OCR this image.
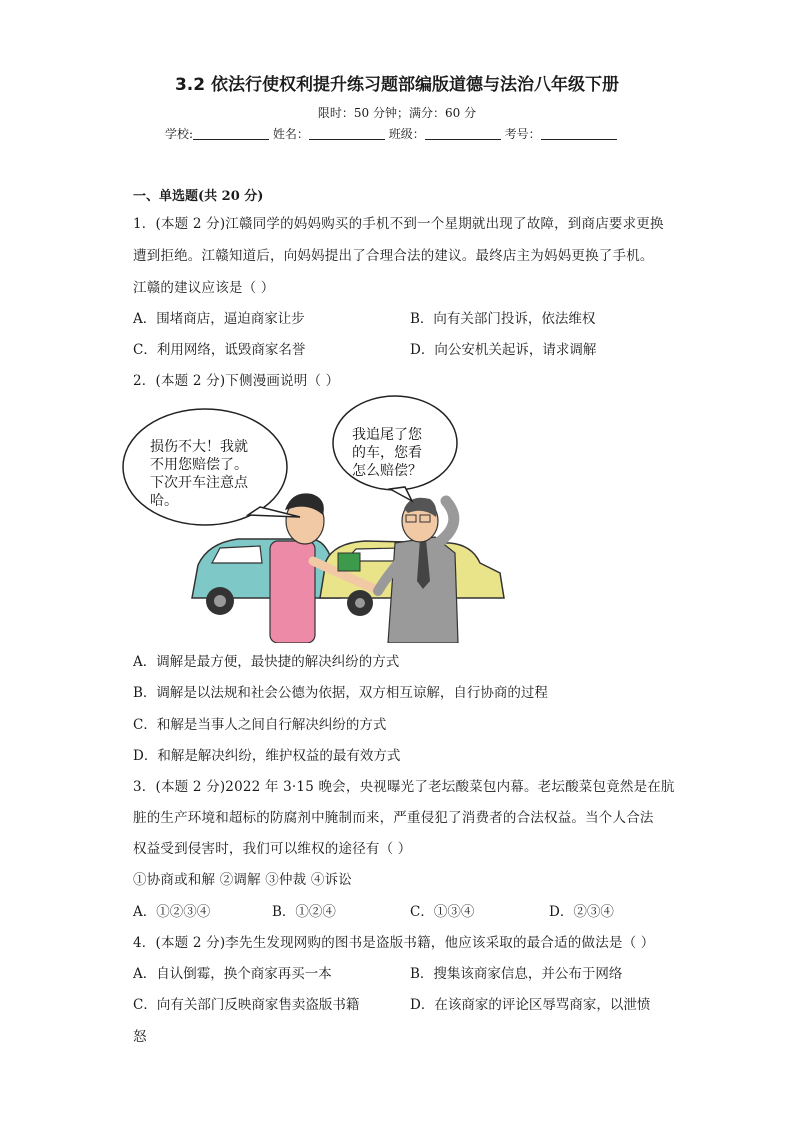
3.2 依法行使权利提升练习题部编版道德与法治八年级下册
限时：50 分钟；满分：60 分
学校:	姓名：	班级：	考号：
一、单选题(共 20 分)
1．(本题 2 分)江赣同学的妈妈购买的手机不到一个星期就出现了故障，到商店要求更换
遭到拒绝。江赣知道后，向妈妈提出了合理合法的建议。最终店主为妈妈更换了手机。
江赣的建议应该是（ ）
A．围堵商店，逼迫商家让步	B．向有关部门投诉，依法维权
C．利用网络，诋毁商家名誉	D．向公安机关起诉，请求调解
2．(本题 2 分)下侧漫画说明（ ）
损伤不大！我就
不用您赔偿了。
下次开车注意点
哈。
我追尾了您
的车，您看
怎么赔偿？
A．调解是最方便，最快捷的解决纠纷的方式
B．调解是以法规和社会公德为依据，双方相互谅解，自行协商的过程
C．和解是当事人之间自行解决纠纷的方式
D．和解是解决纠纷，维护权益的最有效方式
3．(本题 2 分)2022 年 3·15 晚会，央视曝光了老坛酸菜包内幕。老坛酸菜包竟然是在肮
脏的生产环境和超标的防腐剂中腌制而来，严重侵犯了消费者的合法权益。当个人合法
权益受到侵害时，我们可以维权的途径有（ ）
①协商或和解 ②调解 ③仲裁 ④诉讼
A．①②③④	B．①②④	C．①③④	D．②③④
4．(本题 2 分)李先生发现网购的图书是盗版书籍，他应该采取的最合适的做法是（ ）
A．自认倒霉，换个商家再买一本	B．搜集该商家信息，并公布于网络
C．向有关部门反映商家售卖盗版书籍	D．在该商家的评论区辱骂商家，以泄愤
怒
